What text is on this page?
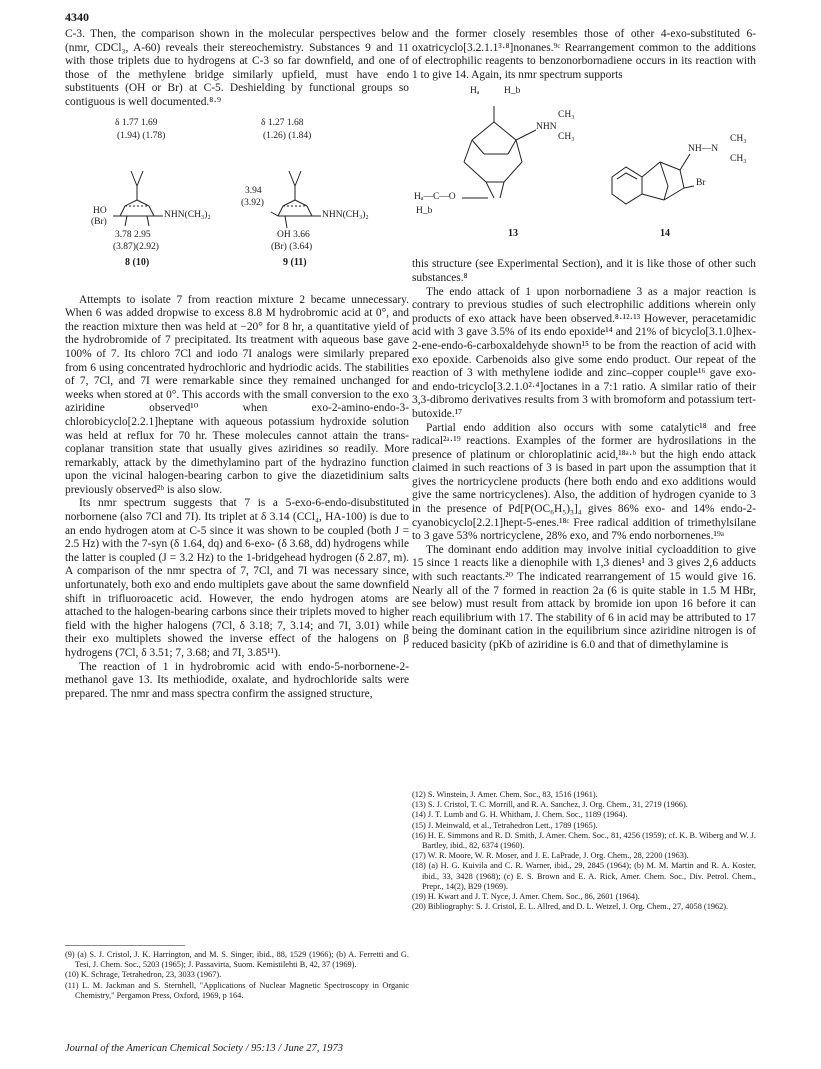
4340

C-3. Then, the comparison shown in the molecular perspectives below (nmr, CDCl₃, A-60) reveals their stereochemistry. Substances 9 and 11 with those triplets due to hydrogens at C-3 so far downfield, and one of those of the methylene bridge similarly upfield, must have endo substituents (OH or Br) at C-5. Deshielding by functional groups so contiguous is well documented.⁸·⁹

δ 1.77 1.69
(1.94) (1.78)
HO
(Br)
NHN(CH₃)₂
3.78 2.95
(3.87)(2.92)
8 (10)
δ 1.27 1.68
(1.26) (1.84)
3.94
(3.92)
NHN(CH₃)₂
OH 3.66
(Br) (3.64)
9 (11)

Attempts to isolate 7 from reaction mixture 2 became unnecessary. When 6 was added dropwise to excess 8.8 M hydrobromic acid at 0°, and the reaction mixture then was held at −20° for 8 hr, a quantitative yield of the hydrobromide of 7 precipitated. Its treatment with aqueous base gave 100% of 7. Its chloro 7Cl and iodo 7I analogs were similarly prepared from 6 using concentrated hydrochloric and hydriodic acids. The stabilities of 7, 7Cl, and 7I were remarkable since they remained unchanged for weeks when stored at 0°. This accords with the small conversion to the exo aziridine observed¹⁰ when exo-2-amino-endo-3-chlorobicyclo[2.2.1]heptane with aqueous potassium hydroxide solution was held at reflux for 70 hr. These molecules cannot attain the trans-coplanar transition state that usually gives aziridines so readily. More remarkably, attack by the dimethylamino part of the hydrazino function upon the vicinal halogen-bearing carbon to give the diazetidinium salts previously observed²ᵇ is also slow.

Its nmr spectrum suggests that 7 is a 5-exo-6-endo-disubstituted norbornene (also 7Cl and 7I). Its triplet at δ 3.14 (CCl₄, HA-100) is due to an endo hydrogen atom at C-5 since it was shown to be coupled (both J = 2.5 Hz) with the 7-syn (δ 1.64, dq) and 6-exo- (δ 3.68, dd) hydrogens while the latter is coupled (J = 3.2 Hz) to the 1-bridgehead hydrogen (δ 2.87, m). A comparison of the nmr spectra of 7, 7Cl, and 7I was necessary since, unfortunately, both exo and endo multiplets gave about the same downfield shift in trifluoroacetic acid. However, the endo hydrogen atoms are attached to the halogen-bearing carbons since their triplets moved to higher field with the higher halogens (7Cl, δ 3.18; 7, 3.14; and 7I, 3.01) while their exo multiplets showed the inverse effect of the halogens on β hydrogens (7Cl, δ 3.51; 7, 3.68; and 7I, 3.85¹¹).

The reaction of 1 in hydrobromic acid with endo-5-norbornene-2-methanol gave 13. Its methiodide, oxalate, and hydrochloride salts were prepared. The nmr and mass spectra confirm the assigned structure,

and the former closely resembles those of other 4-exo-substituted 6-oxatricyclo[3.2.1.1³·⁸]nonanes.⁹ᶜ Rearrangement common to the additions of electrophilic reagents to benzonorbornadiene occurs in its reaction with 1 to give 14. Again, its nmr spectrum supports

Hₐ	H_b
NHN
CH₃
CH₃
Hₐ—C—O
H_b
13
NH—N
CH₃
CH₃
Br
14

this structure (see Experimental Section), and it is like those of other such substances.⁸

The endo attack of 1 upon norbornadiene 3 as a major reaction is contrary to previous studies of such electrophilic additions wherein only products of exo attack have been observed.⁸·¹²·¹³ However, peracetamidic acid with 3 gave 3.5% of its endo epoxide¹⁴ and 21% of bicyclo[3.1.0]hex-2-ene-endo-6-carboxaldehyde shown¹⁵ to be from the reaction of acid with exo epoxide. Carbenoids also give some endo product. Our repeat of the reaction of 3 with methylene iodide and zinc–copper couple¹⁶ gave exo- and endo-tricyclo[3.2.1.0²·⁴]octanes in a 7:1 ratio. A similar ratio of their 3,3-dibromo derivatives results from 3 with bromoform and potassium tert-butoxide.¹⁷

Partial endo addition also occurs with some catalytic¹⁸ and free radical²ᵃ·¹⁹ reactions. Examples of the former are hydrosilations in the presence of platinum or chloroplatinic acid,¹⁸ᵃ·ᵇ but the high endo attack claimed in such reactions of 3 is based in part upon the assumption that it gives the nortricyclene products (here both endo and exo additions would give the same nortricyclenes). Also, the addition of hydrogen cyanide to 3 in the presence of Pd[P(OC₆H₅)₃]₄ gives 86% exo- and 14% endo-2-cyanobicyclo[2.2.1]hept-5-enes.¹⁸ᶜ Free radical addition of trimethylsilane to 3 gave 53% nortricyclene, 28% exo, and 7% endo norbornenes.¹⁹ᵃ

The dominant endo addition may involve initial cycloaddition to give 15 since 1 reacts like a dienophile with 1,3 dienes¹ and 3 gives 2,6 adducts with such reactants.²⁰ The indicated rearrangement of 15 would give 16. Nearly all of the 7 formed in reaction 2a (6 is quite stable in 1.5 M HBr, see below) must result from attack by bromide ion upon 16 before it can reach equilibrium with 17. The stability of 6 in acid may be attributed to 17 being the dominant cation in the equilibrium since aziridine nitrogen is of reduced basicity (pKb of aziridine is 6.0 and that of dimethylamine is

(9) (a) S. J. Cristol, J. K. Harrington, and M. S. Singer, ibid., 88, 1529 (1966); (b) A. Ferretti and G. Tesi, J. Chem. Soc., 5203 (1965); J. Passavirta, Suom. Kemistilehti B, 42, 37 (1969).

(10) K. Schrage, Tetrahedron, 23, 3033 (1967).

(11) L. M. Jackman and S. Sternhell, "Applications of Nuclear Magnetic Spectroscopy in Organic Chemistry," Pergamon Press, Oxford, 1969, p 164.

(12) S. Winstein, J. Amer. Chem. Soc., 83, 1516 (1961).

(13) S. J. Cristol, T. C. Morrill, and R. A. Sanchez, J. Org. Chem., 31, 2719 (1966).

(14) J. T. Lumb and G. H. Whitham, J. Chem. Soc., 1189 (1964).

(15) J. Meinwald, et al., Tetrahedron Lett., 1789 (1965).

(16) H. E. Simmons and R. D. Smith, J. Amer. Chem. Soc., 81, 4256 (1959); cf. K. B. Wiberg and W. J. Bartley, ibid., 82, 6374 (1960).

(17) W. R. Moore, W. R. Moser, and J. E. LaPrade, J. Org. Chem., 28, 2200 (1963).

(18) (a) H. G. Kuivila and C. R. Warner, ibid., 29, 2845 (1964); (b) M. M. Martin and R. A. Koster, ibid., 33, 3428 (1968); (c) E. S. Brown and E. A. Rick, Amer. Chem. Soc., Div. Petrol. Chem., Prepr., 14(2), B29 (1969).

(19) H. Kwart and J. T. Nyce, J. Amer. Chem. Soc., 86, 2601 (1964).

(20) Bibliography: S. J. Cristol, E. L. Allred, and D. L. Wetzel, J. Org. Chem., 27, 4058 (1962).

Journal of the American Chemical Society / 95:13 / June 27, 1973
